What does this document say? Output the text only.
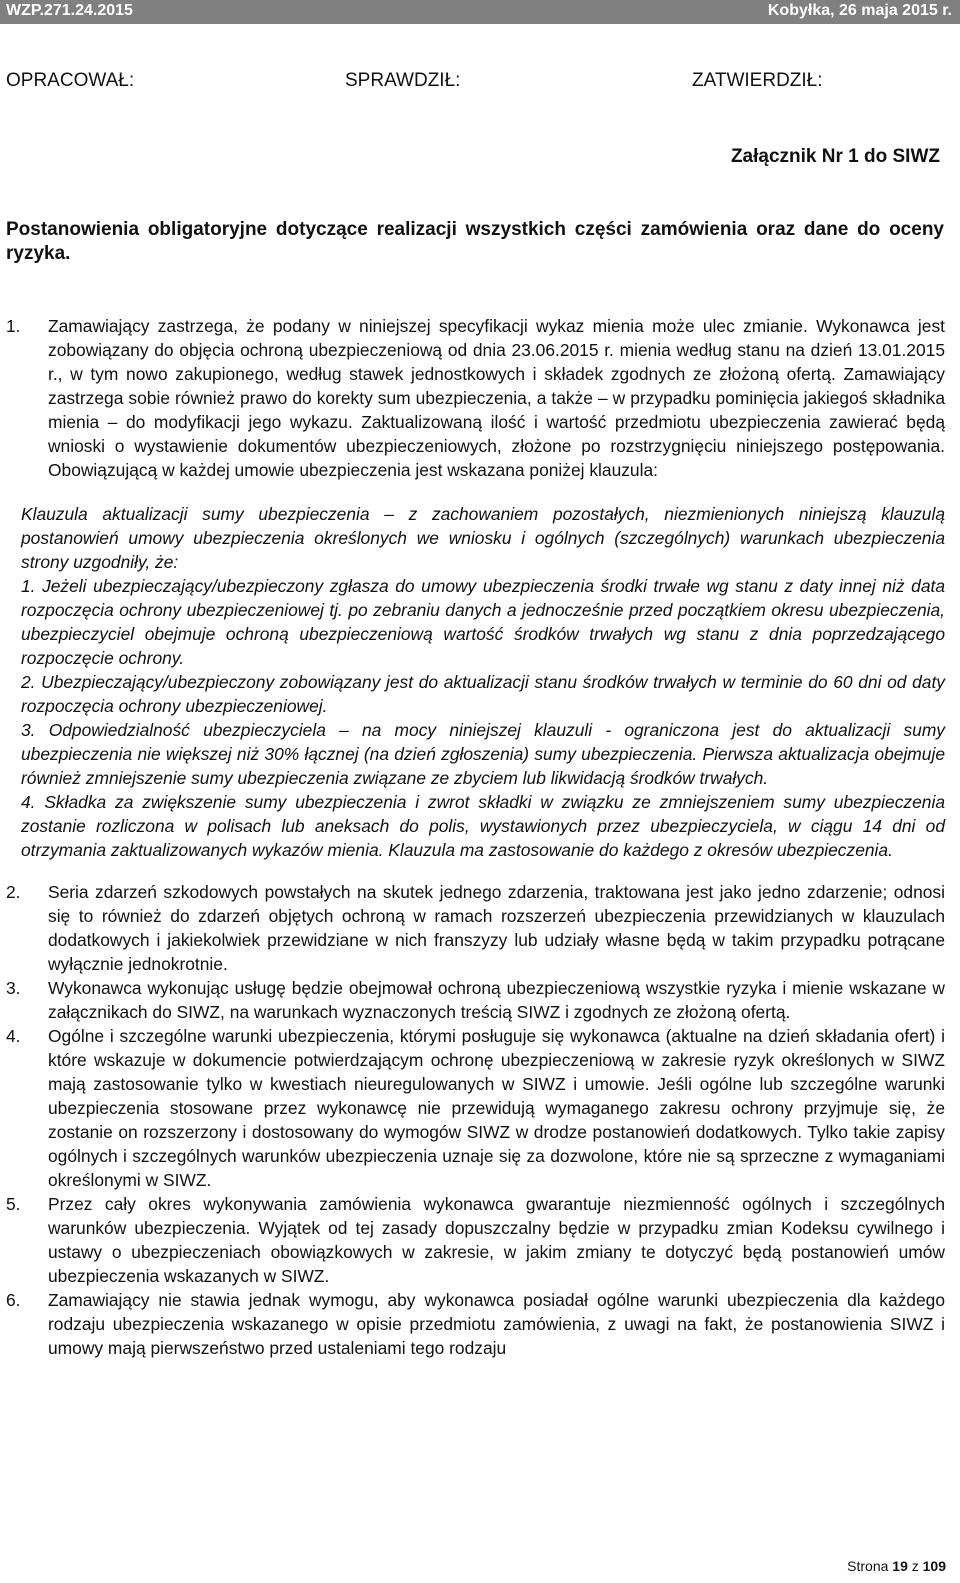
WZP.271.24.2015	Kobyłka, 26 maja 2015 r.
OPRACOWAŁ:	SPRAWDZIŁ:	ZATWIERDZIŁ:
Załącznik Nr 1 do SIWZ
Postanowienia obligatoryjne dotyczące realizacji wszystkich części zamówienia oraz dane do oceny ryzyka.
1. Zamawiający zastrzega, że podany w niniejszej specyfikacji wykaz mienia może ulec zmianie. Wykonawca jest zobowiązany do objęcia ochroną ubezpieczeniową od dnia 23.06.2015 r. mienia według stanu na dzień 13.01.2015 r., w tym nowo zakupionego, według stawek jednostkowych i składek zgodnych ze złożoną ofertą. Zamawiający zastrzega sobie również prawo do korekty sum ubezpieczenia, a także – w przypadku pominięcia jakiegoś składnika mienia – do modyfikacji jego wykazu. Zaktualizowaną ilość i wartość przedmiotu ubezpieczenia zawierać będą wnioski o wystawienie dokumentów ubezpieczeniowych, złożone po rozstrzygnięciu niniejszego postępowania. Obowiązującą w każdej umowie ubezpieczenia jest wskazana poniżej klauzula:

Klauzula aktualizacji sumy ubezpieczenia – z zachowaniem pozostałych, niezmienionych niniejszą klauzulą postanowień umowy ubezpieczenia określonych we wniosku i ogólnych (szczególnych) warunkach ubezpieczenia strony uzgodniły, że:

1. Jeżeli ubezpieczający/ubezpieczony zgłasza do umowy ubezpieczenia środki trwałe wg stanu z daty innej niż data rozpoczęcia ochrony ubezpieczeniowej tj. po zebraniu danych a jednocześnie przed początkiem okresu ubezpieczenia, ubezpieczyciel obejmuje ochroną ubezpieczeniową wartość środków trwałych wg stanu z dnia poprzedzającego rozpoczęcie ochrony.

2. Ubezpieczający/ubezpieczony zobowiązany jest do aktualizacji stanu środków trwałych w terminie do 60 dni od daty rozpoczęcia ochrony ubezpieczeniowej.

3. Odpowiedzialność ubezpieczyciela – na mocy niniejszej klauzuli - ograniczona jest do aktualizacji sumy ubezpieczenia nie większej niż 30% łącznej (na dzień zgłoszenia) sumy ubezpieczenia. Pierwsza aktualizacja obejmuje również zmniejszenie sumy ubezpieczenia związane ze zbyciem lub likwidacją środków trwałych.

4. Składka za zwiększenie sumy ubezpieczenia i zwrot składki w związku ze zmniejszeniem sumy ubezpieczenia zostanie rozliczona w polisach lub aneksach do polis, wystawionych przez ubezpieczyciela, w ciągu 14 dni od otrzymania zaktualizowanych wykazów mienia. Klauzula ma zastosowanie do każdego z okresów ubezpieczenia.

2. Seria zdarzeń szkodowych powstałych na skutek jednego zdarzenia, traktowana jest jako jedno zdarzenie; odnosi się to również do zdarzeń objętych ochroną w ramach rozszerzeń ubezpieczenia przewidzianych w klauzulach dodatkowych i jakiekolwiek przewidziane w nich franszyzy lub udziały własne będą w takim przypadku potrącane wyłącznie jednokrotnie.

3. Wykonawca wykonując usługę będzie obejmował ochroną ubezpieczeniową wszystkie ryzyka i mienie wskazane w załącznikach do SIWZ, na warunkach wyznaczonych treścią SIWZ i zgodnych ze złożoną ofertą.

4. Ogólne i szczególne warunki ubezpieczenia, którymi posługuje się wykonawca (aktualne na dzień składania ofert) i które wskazuje w dokumencie potwierdzającym ochronę ubezpieczeniową w zakresie ryzyk określonych w SIWZ mają zastosowanie tylko w kwestiach nieuregulowanych w SIWZ i umowie. Jeśli ogólne lub szczególne warunki ubezpieczenia stosowane przez wykonawcę nie przewidują wymaganego zakresu ochrony przyjmuje się, że zostanie on rozszerzony i dostosowany do wymogów SIWZ w drodze postanowień dodatkowych. Tylko takie zapisy ogólnych i szczególnych warunków ubezpieczenia uznaje się za dozwolone, które nie są sprzeczne z wymaganiami określonymi w SIWZ.

5. Przez cały okres wykonywania zamówienia wykonawca gwarantuje niezmienność ogólnych i szczególnych warunków ubezpieczenia. Wyjątek od tej zasady dopuszczalny będzie w przypadku zmian Kodeksu cywilnego i ustawy o ubezpieczeniach obowiązkowych w zakresie, w jakim zmiany te dotyczyć będą postanowień umów ubezpieczenia wskazanych w SIWZ.

6. Zamawiający nie stawia jednak wymogu, aby wykonawca posiadał ogólne warunki ubezpieczenia dla każdego rodzaju ubezpieczenia wskazanego w opisie przedmiotu zamówienia, z uwagi na fakt, że postanowienia SIWZ i umowy mają pierwszeństwo przed ustaleniami tego rodzaju

Strona 19 z 109
